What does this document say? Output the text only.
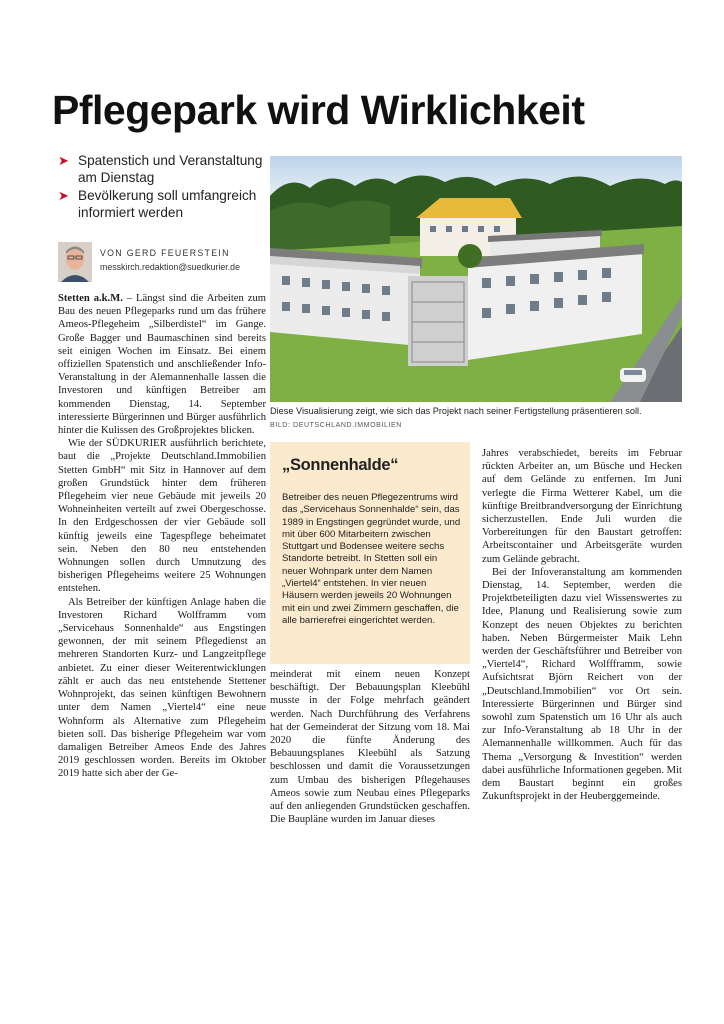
Pflegepark wird Wirklichkeit
➤ Spatenstich und Veranstaltung am Dienstag
➤ Bevölkerung soll umfangreich informiert werden
VON GERD FEUERSTEIN
messkirch.redaktion@suedkurier.de

Stetten a.k.M. – Längst sind die Arbeiten zum Bau des neuen Pflegeparks rund um das frühere Ameos-Pflegeheim „Silberdistel“ im Gange. Große Bagger und Baumaschinen sind bereits seit einigen Wochen im Einsatz. Bei einem offiziellen Spatenstich und anschließender Info-Veranstaltung in der Alemannenhalle lassen die Investoren und künftigen Betreiber am kommenden Dienstag, 14. September interessierte Bürgerinnen und Bürger ausführlich hinter die Kulissen des Großprojektes blicken.

Wie der SÜDKURIER ausführlich berichtete, baut die „Projekte Deutschland.Immobilien Stetten GmbH“ mit Sitz in Hannover auf dem großen Grundstück hinter dem früheren Pflegeheim vier neue Gebäude mit jeweils 20 Wohneinheiten verteilt auf zwei Obergeschosse. In den Erdgeschossen der vier Gebäude soll künftig jeweils eine Tagespflege beheimatet sein. Neben den 80 neu entstehenden Wohnungen sollen durch Umnutzung des bisherigen Pflegeheims weitere 25 Wohnungen entstehen.

Als Betreiber der künftigen Anlage haben die Investoren Richard Wolfframm vom „Servicehaus Sonnenhalde“ aus Engstingen gewonnen, der mit seinem Pflegedienst an mehreren Standorten Kurz- und Langzeitpflege anbietet. Zu einer dieser Weiterentwicklungen zählt er auch das neu entstehende Stettener Wohnprojekt, das seinen künftigen Bewohnern unter dem Namen „Viertel4“ eine neue Wohnform als Alternative zum Pflegeheim bieten soll. Das bisherige Pflegeheim war vom damaligen Betreiber Ameos Ende des Jahres 2019 geschlossen worden. Bereits im Oktober 2019 hatte sich aber der Ge-

Diese Visualisierung zeigt, wie sich das Projekt nach seiner Fertigstellung präsentieren soll.
BILD: DEUTSCHLAND.IMMOBILIEN
„Sonnenhalde“

Betreiber des neuen Pflegezentrums wird das „Servicehaus Sonnenhalde“ sein, das 1989 in Engstingen gegründet wurde, und mit über 600 Mitarbeitern zwischen Stuttgart und Bodensee weitere sechs Standorte betreibt. In Stetten soll ein neuer Wohnpark unter dem Namen „Viertel4“ entstehen. In vier neuen Häusern werden jeweils 20 Wohnungen mit ein und zwei Zimmern geschaffen, die alle barrierefrei eingerichtet werden.

meinderat mit einem neuen Konzept beschäftigt. Der Bebauungsplan Kleebühl musste in der Folge mehrfach geändert werden. Nach Durchführung des Verfahrens hat der Gemeinderat der Sitzung vom 18. Mai 2020 die fünfte Änderung des Bebauungsplanes Kleebühl als Satzung beschlossen und damit die Voraussetzungen zum Umbau des bisherigen Pflegehauses Ameos sowie zum Neubau eines Pflegeparks auf den anliegenden Grundstücken geschaffen. Die Baupläne wurden im Januar dieses

Jahres verabschiedet, bereits im Februar rückten Arbeiter an, um Büsche und Hecken auf dem Gelände zu entfernen. Im Juni verlegte die Firma Wetterer Kabel, um die künftige Breitbrandversorgung der Einrichtung sicherzustellen. Ende Juli wurden die Vorbereitungen für den Baustart getroffen: Arbeitscontainer und Arbeitsgeräte wurden zum Gelände gebracht.

Bei der Infoveranstaltung am kommenden Dienstag, 14. September, werden die Projektbeteiligten dazu viel Wissenswertes zu Idee, Planung und Realisierung sowie zum Konzept des neuen Objektes zu berichten haben. Neben Bürgermeister Maik Lehn werden der Geschäftsführer und Betreiber von „Viertel4“, Richard Wolffframm, sowie Aufsichtsrat Björn Reichert von der „Deutschland.Immobilien“ vor Ort sein. Interessierte Bürgerinnen und Bürger sind sowohl zum Spatenstich um 16 Uhr als auch zur Info-Veranstaltung ab 18 Uhr in der Alemannenhalle willkommen. Auch für das Thema „Versorgung & Investition“ werden dabei ausführliche Informationen gegeben. Mit dem Baustart beginnt ein großes Zukunftsprojekt in der Heuberggemeinde.
